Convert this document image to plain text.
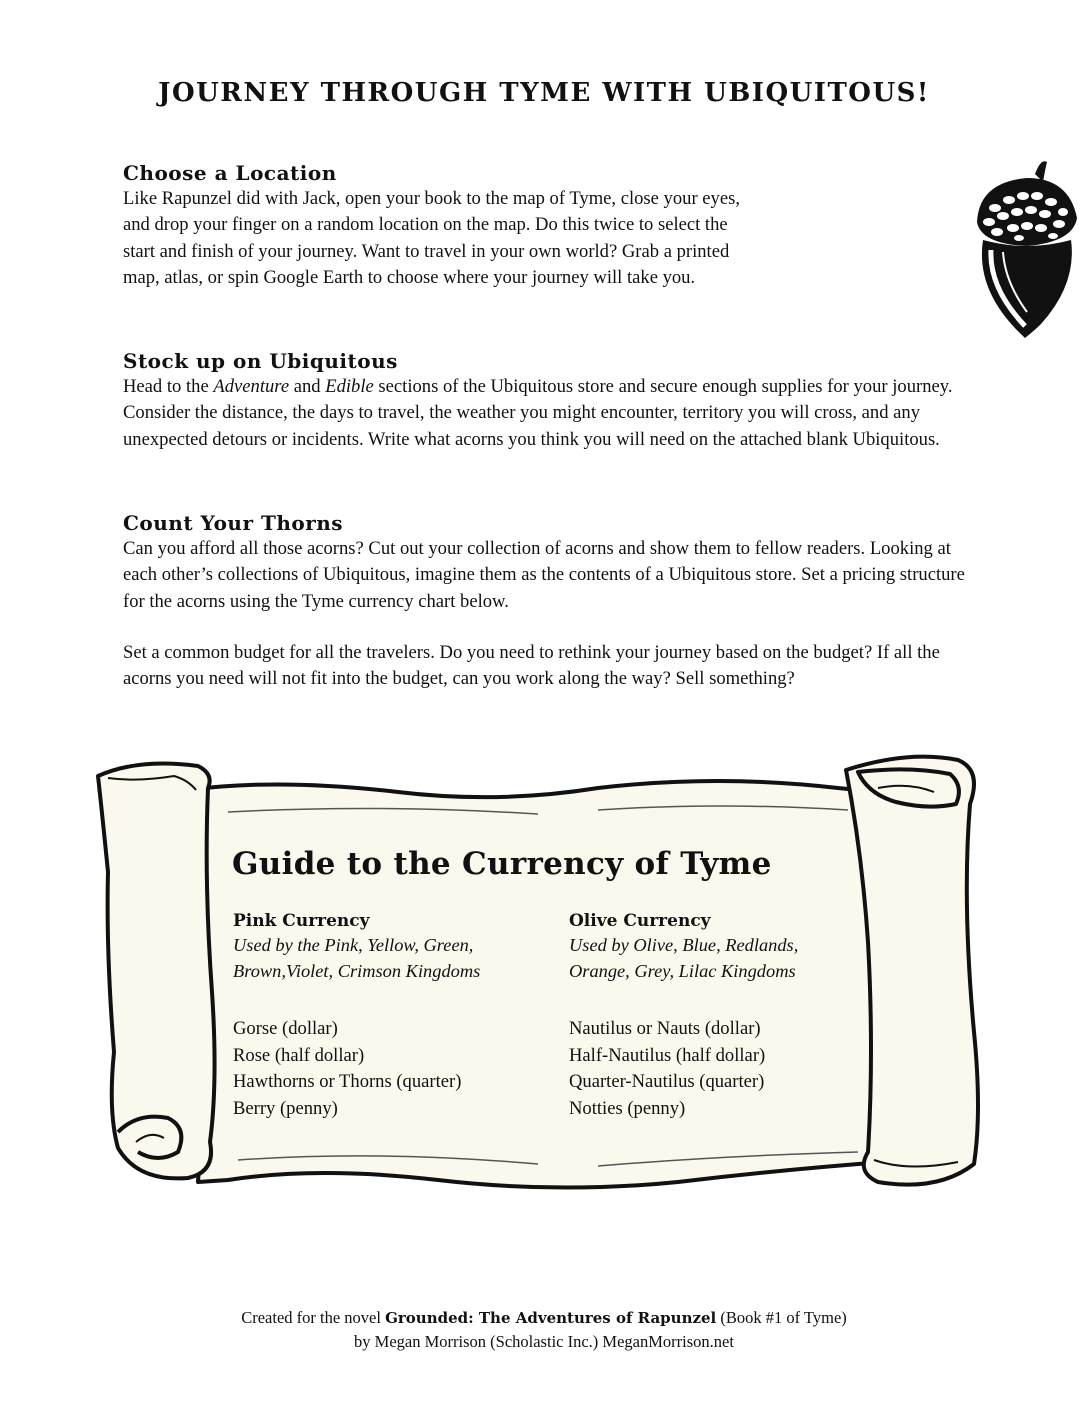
JOURNEY THROUGH TYME WITH UBIQUITOUS!
Choose a Location

Like Rapunzel did with Jack, open your book to the map of Tyme, close your eyes, and drop your finger on a random location on the map. Do this twice to select the start and finish of your journey. Want to travel in your own world? Grab a printed map, atlas, or spin Google Earth to choose where your journey will take you.

Stock up on Ubiquitous

Head to the Adventure and Edible sections of the Ubiquitous store and secure enough supplies for your journey. Consider the distance, the days to travel, the weather you might encounter, territory you will cross, and any unexpected detours or incidents. Write what acorns you think you will need on the attached blank Ubiquitous.

Count Your Thorns

Can you afford all those acorns? Cut out your collection of acorns and show them to fellow readers. Looking at each other’s collections of Ubiquitous, imagine them as the contents of a Ubiquitous store. Set a pricing structure for the acorns using the Tyme currency chart below.

Set a common budget for all the travelers. Do you need to rethink your journey based on the budget? If all the acorns you need will not fit into the budget, can you work along the way? Sell something?

Guide to the Currency of Tyme
Pink Currency

Used by the Pink, Yellow, Green,
Brown,Violet, Crimson Kingdoms

Gorse (dollar)
Rose (half dollar)
Hawthorns or Thorns (quarter)
Berry (penny)
Olive Currency

Used by Olive, Blue, Redlands,
Orange, Grey, Lilac Kingdoms

Nautilus or Nauts (dollar)
Half-Nautilus (half dollar)
Quarter-Nautilus (quarter)
Notties (penny)
Created for the novel Grounded: The Adventures of Rapunzel (Book #1 of Tyme)
by Megan Morrison (Scholastic Inc.) MeganMorrison.net
